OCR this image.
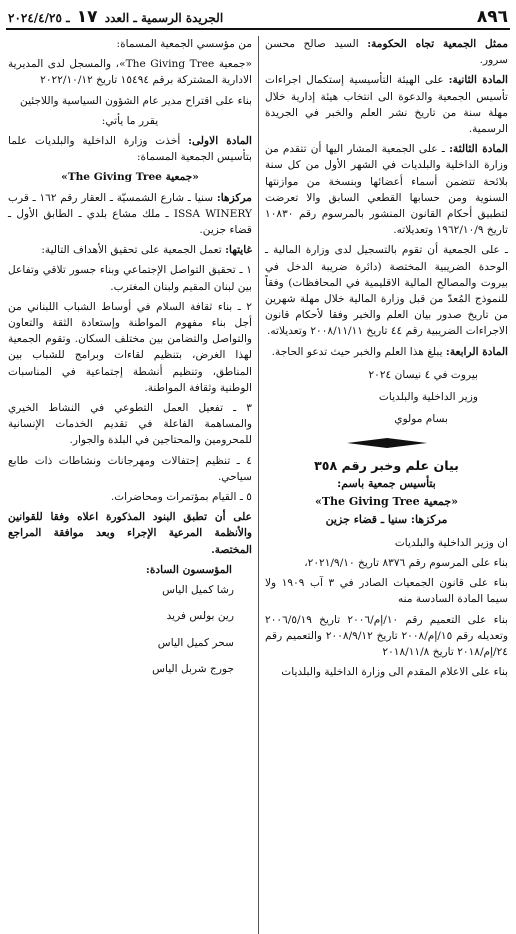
٨٩٦
الجريدة الرسمية ـ العدد ١٧ ـ ٢٠٢٤/٤/٢٥

ممثل الجمعية تجاه الحكومة: السيد صالح محسن سرور.

المادة الثانية: على الهيئة التأسيسية إستكمال اجراءات تأسيس الجمعية والدعوة الى انتخاب هيئة إدارية خلال مهلة سنة من تاريخ نشر العلم والخبر في الجريدة الرسمية.

المادة الثالثة: ـ على الجمعية المشار اليها أن تتقدم من وزارة الداخلية والبلديات في الشهر الأول من كل سنة بلائحة تتضمن أسماء أعضائها وبنسخة من موازنتها السنوية ومن حسابها القطعي السابق والا تعرضت لتطبيق أحكام القانون المنشور بالمرسوم رقم ١٠٨٣٠ تاريخ ١٩٦٢/١٠/٩ وتعديلاته.

ـ على الجمعية أن تقوم بالتسجيل لدى وزارة المالية ـ الوحدة الضريبية المختصة (دائرة ضريبة الدخل في بيروت والمصالح المالية الاقليمية في المحافظات) وفقاً للنموذج المُعدّ من قبل وزارة المالية خلال مهلة شهرين من تاريخ صدور بيان العلم والخبر وفقا لأحكام قانون الاجراءات الضريبية رقم ٤٤ تاريخ ٢٠٠٨/١١/١١ وتعديلاته.

المادة الرابعة: يبلغ هذا العلم والخبر حيث تدعو الحاجة.

بيروت في ٤ نيسان ٢٠٢٤
وزير الداخلية والبلديات
بسام مولوي
بيان علم وخبر رقم ٣٥٨
بتأسيس جمعية باسم:
«جمعية The Giving Tree»
مركزها: سنيا ـ قضاء جزين

ان وزير الداخلية والبلديات

بناء على المرسوم رقم ٨٣٧٦ تاريخ ٢٠٢١/٩/١٠،

بناء على قانون الجمعيات الصادر في ٣ آب ١٩٠٩ ولا سيما المادة السادسة منه

بناء على التعميم رقم ١٠/إم/٢٠٠٦ تاريخ ٢٠٠٦/٥/١٩ وتعديله رقم ١٥/إم/٢٠٠٨ تاريخ ٢٠٠٨/٩/١٢ والتعميم رقم ٢٤/إم/٢٠١٨ تاريخ ٢٠١٨/١١/٨

بناء على الاعلام المقدم الى وزارة الداخلية والبلديات

من مؤسسي الجمعية المسماة:

«جمعية The Giving Tree»، والمسجل لدى المديرية الادارية المشتركة برقم ١٥٤٩٤ تاريخ ٢٠٢٢/١٠/١٢

بناء على اقتراح مدير عام الشؤون السياسية واللاجئين

يقرر ما يأتي:

المادة الاولى: أخذت وزارة الداخلية والبلديات علما بتأسيس الجمعية المسماة:

«جمعية The Giving Tree»

مركزها: سنيا ـ شارع الشمسيّة ـ العقار رقم ١٦٢ ـ قرب ISSA WINERY ـ ملك مشاع بلدي ـ الطابق الأول ـ قضاء جزين.

غايتها: تعمل الجمعية على تحقيق الأهداف التالية:

١ ـ تحقيق التواصل الإجتماعي وبناء جسور تلاقي وتفاعل بين لبنان المقيم ولبنان المغترب.

٢ ـ بناء ثقافة السلام في أوساط الشباب اللبناني من أجل بناء مفهوم المواطنة وإستعادة الثقة والتعاون والتواصل والتضامن بين مختلف السكان. وتقوم الجمعية لهذا الغرض، بتنظيم لقاءات وبرامج للشباب بين المناطق، وتنظيم أنشطة إجتماعية في المناسبات الوطنية وثقافة المواطنة.

٣ ـ تفعيل العمل التطوعي في النشاط الخيري والمساهمة الفاعلة في تقديم الخدمات الإنسانية للمحرومين والمحتاجين في البلدة والجوار.

٤ ـ تنظيم إحتفالات ومهرجانات ونشاطات ذات طابع سياحي.

٥ ـ القيام بمؤتمرات ومحاضرات.

على أن تطبق البنود المذكورة اعلاه وفقا للقوانين والأنظمة المرعية الإجراء وبعد موافقة المراجع المختصة.

المؤسسون السادة:

رشا كميل الياس

رين بولس فريد

سحر كميل الياس

جورج شربل الياس
